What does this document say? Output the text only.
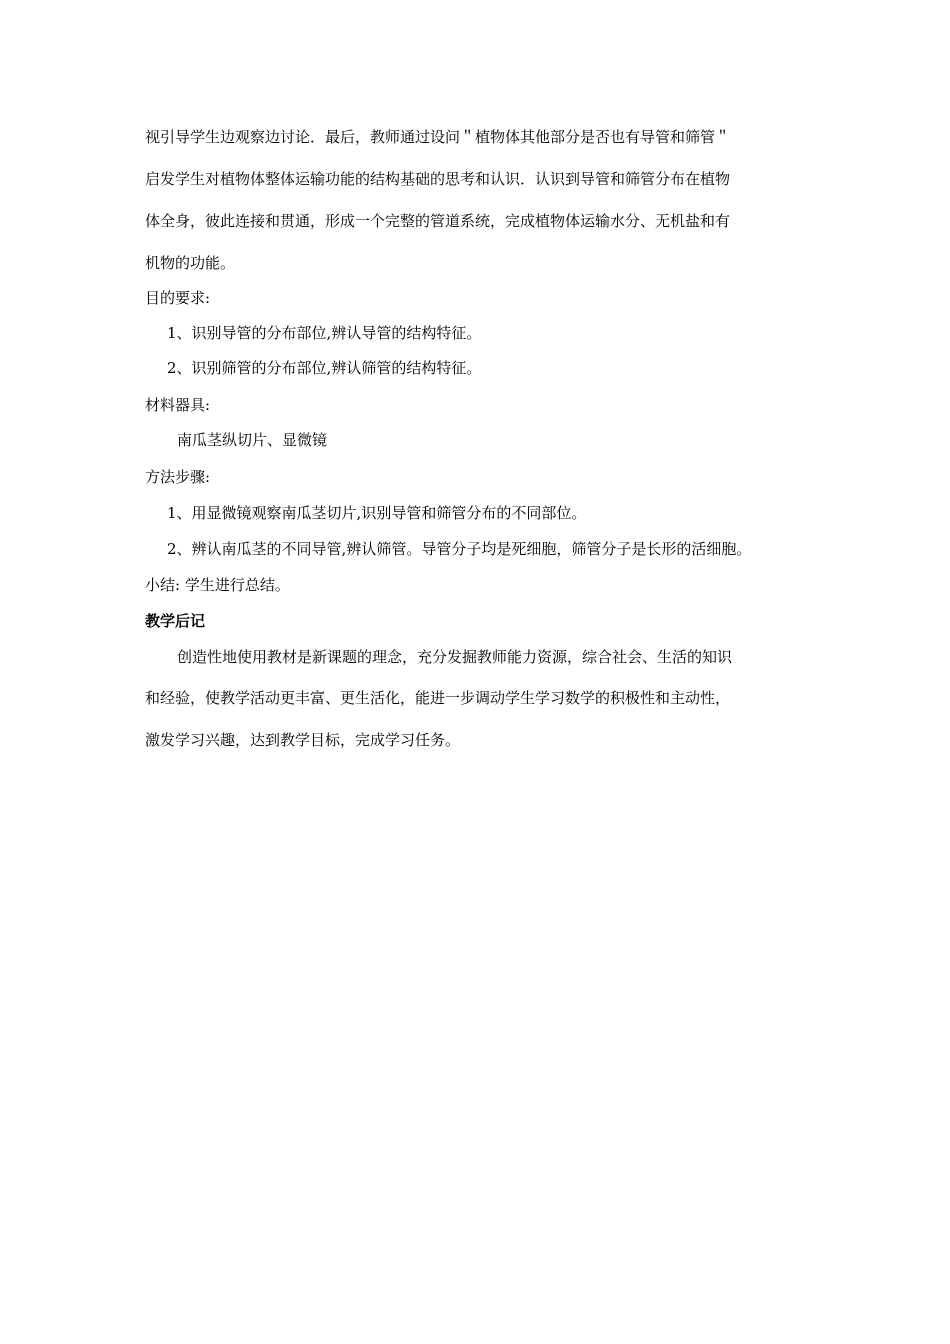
视引导学生边观察边讨论．最后，教师通过设问＂植物体其他部分是否也有导管和筛管＂
启发学生对植物体整体运输功能的结构基础的思考和认识．认识到导管和筛管分布在植物
体全身，彼此连接和贯通，形成一个完整的管道系统，完成植物体运输水分、无机盐和有
机物的功能。
目的要求:
1、识别导管的分布部位,辨认导管的结构特征。
2、识别筛管的分布部位,辨认筛管的结构特征。
材料器具:
南瓜茎纵切片、显微镜
方法步骤:
1、用显微镜观察南瓜茎切片,识别导管和筛管分布的不同部位。
2、辨认南瓜茎的不同导管,辨认筛管。导管分子均是死细胞，筛管分子是长形的活细胞。
小结: 学生进行总结。
教学后记
创造性地使用教材是新课题的理念，充分发掘教师能力资源，综合社会、生活的知识
和经验，使教学活动更丰富、更生活化，能进一步调动学生学习数学的积极性和主动性，
激发学习兴趣，达到教学目标，完成学习任务。
